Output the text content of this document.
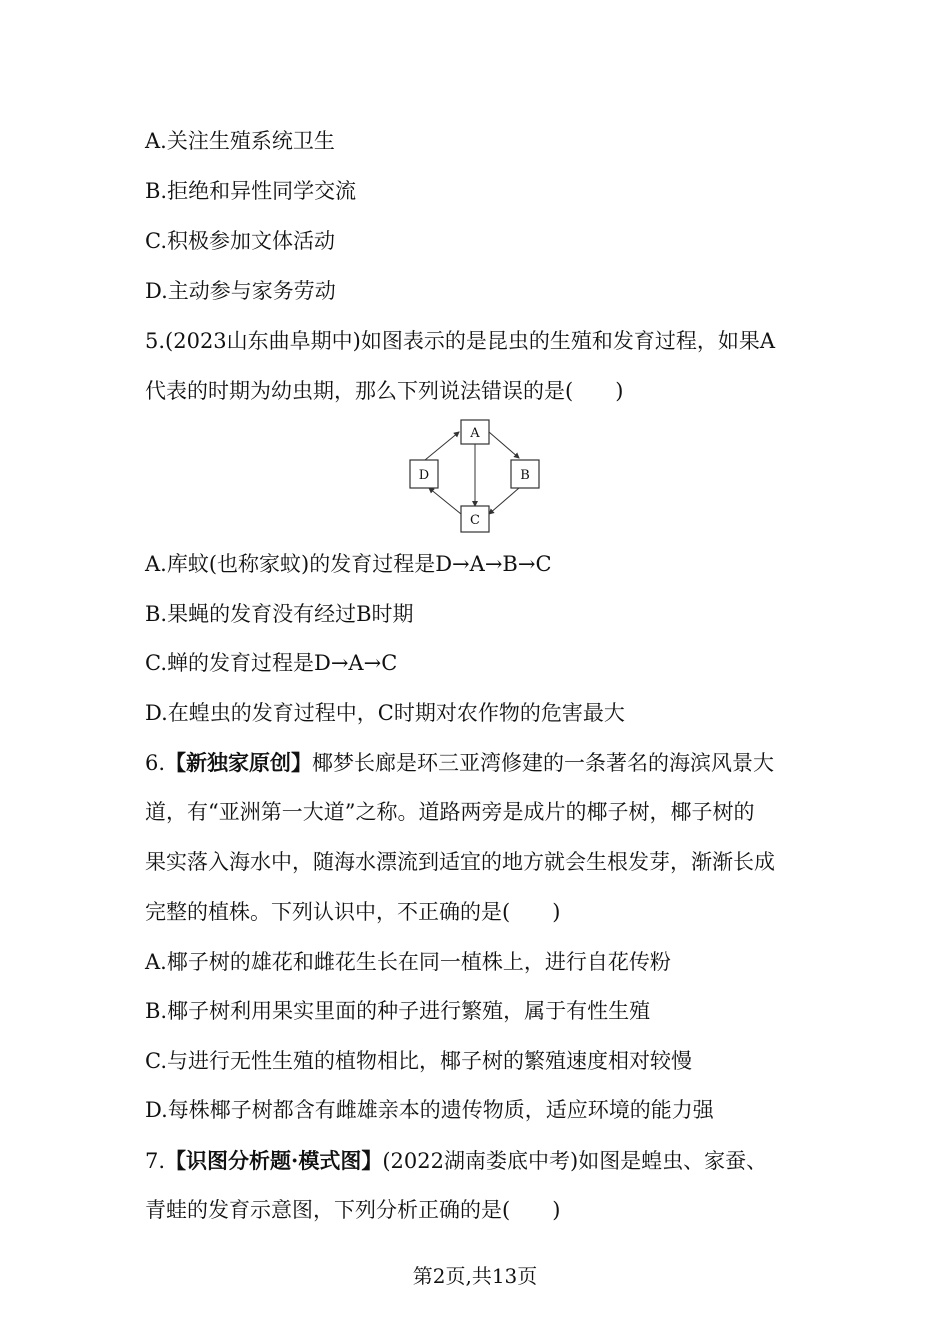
A.关注生殖系统卫生
B.拒绝和异性同学交流
C.积极参加文体活动
D.主动参与家务劳动
5.(2023山东曲阜期中)如图表示的是昆虫的生殖和发育过程，如果A
代表的时期为幼虫期，那么下列说法错误的是(　　)
A
B
C
D
A.库蚊(也称家蚊)的发育过程是D→A→B→C
B.果蝇的发育没有经过B时期
C.蝉的发育过程是D→A→C
D.在蝗虫的发育过程中，C时期对农作物的危害最大
6.【新独家原创】椰梦长廊是环三亚湾修建的一条著名的海滨风景大
道，有“亚洲第一大道”之称。道路两旁是成片的椰子树，椰子树的
果实落入海水中，随海水漂流到适宜的地方就会生根发芽，渐渐长成
完整的植株。下列认识中，不正确的是(　　)
A.椰子树的雄花和雌花生长在同一植株上，进行自花传粉
B.椰子树利用果实里面的种子进行繁殖，属于有性生殖
C.与进行无性生殖的植物相比，椰子树的繁殖速度相对较慢
D.每株椰子树都含有雌雄亲本的遗传物质，适应环境的能力强
7.【识图分析题·模式图】(2022湖南娄底中考)如图是蝗虫、家蚕、
青蛙的发育示意图，下列分析正确的是(　　)
第2页,共13页
